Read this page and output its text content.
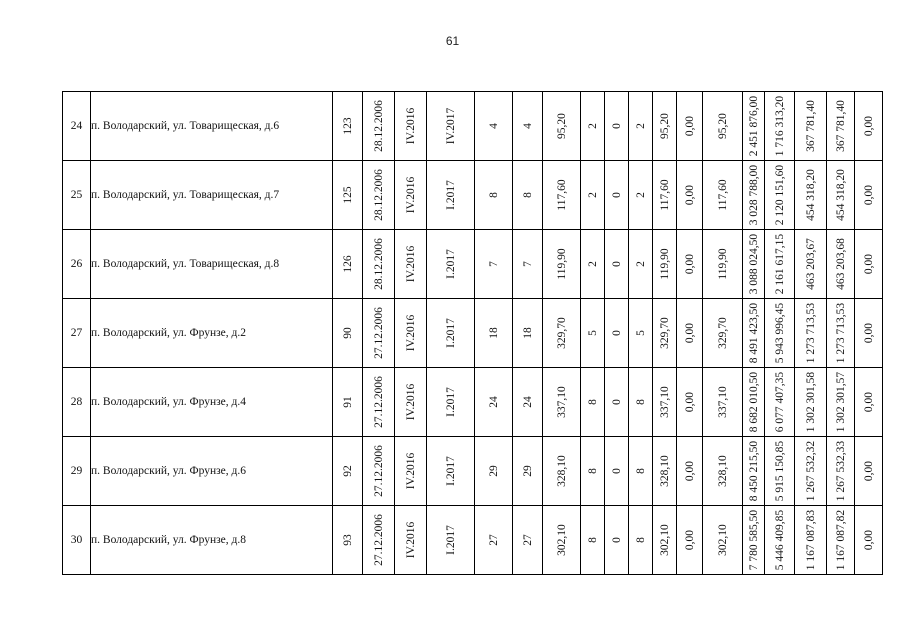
61
24	п. Володарский, ул. Товарищеская, д.6	123	28.12.2006	IV.2016	IV.2017	4	4	95,20	2	0	2	95,20	0,00	95,20	2 451 876,00	1 716 313,20	367 781,40	367 781,40	0,00

25	п. Володарский, ул. Товарищеская, д.7	125	28.12.2006	IV.2016	I.2017	8	8	117,60	2	0	2	117,60	0,00	117,60	3 028 788,00	2 120 151,60	454 318,20	454 318,20	0,00

26	п. Володарский, ул. Товарищеская, д.8	126	28.12.2006	IV.2016	I.2017	7	7	119,90	2	0	2	119,90	0,00	119,90	3 088 024,50	2 161 617,15	463 203,67	463 203,68	0,00

27	п. Володарский, ул. Фрунзе, д.2	90	27.12.2006	IV.2016	I.2017	18	18	329,70	5	0	5	329,70	0,00	329,70	8 491 423,50	5 943 996,45	1 273 713,53	1 273 713,53	0,00

28	п. Володарский, ул. Фрунзе, д.4	91	27.12.2006	IV.2016	I.2017	24	24	337,10	8	0	8	337,10	0,00	337,10	8 682 010,50	6 077 407,35	1 302 301,58	1 302 301,57	0,00

29	п. Володарский, ул. Фрунзе, д.6	92	27.12.2006	IV.2016	I.2017	29	29	328,10	8	0	8	328,10	0,00	328,10	8 450 215,50	5 915 150,85	1 267 532,32	1 267 532,33	0,00

30	п. Володарский, ул. Фрунзе, д.8	93	27.12.2006	IV.2016	I.2017	27	27	302,10	8	0	8	302,10	0,00	302,10	7 780 585,50	5 446 409,85	1 167 087,83	1 167 087,82	0,00
